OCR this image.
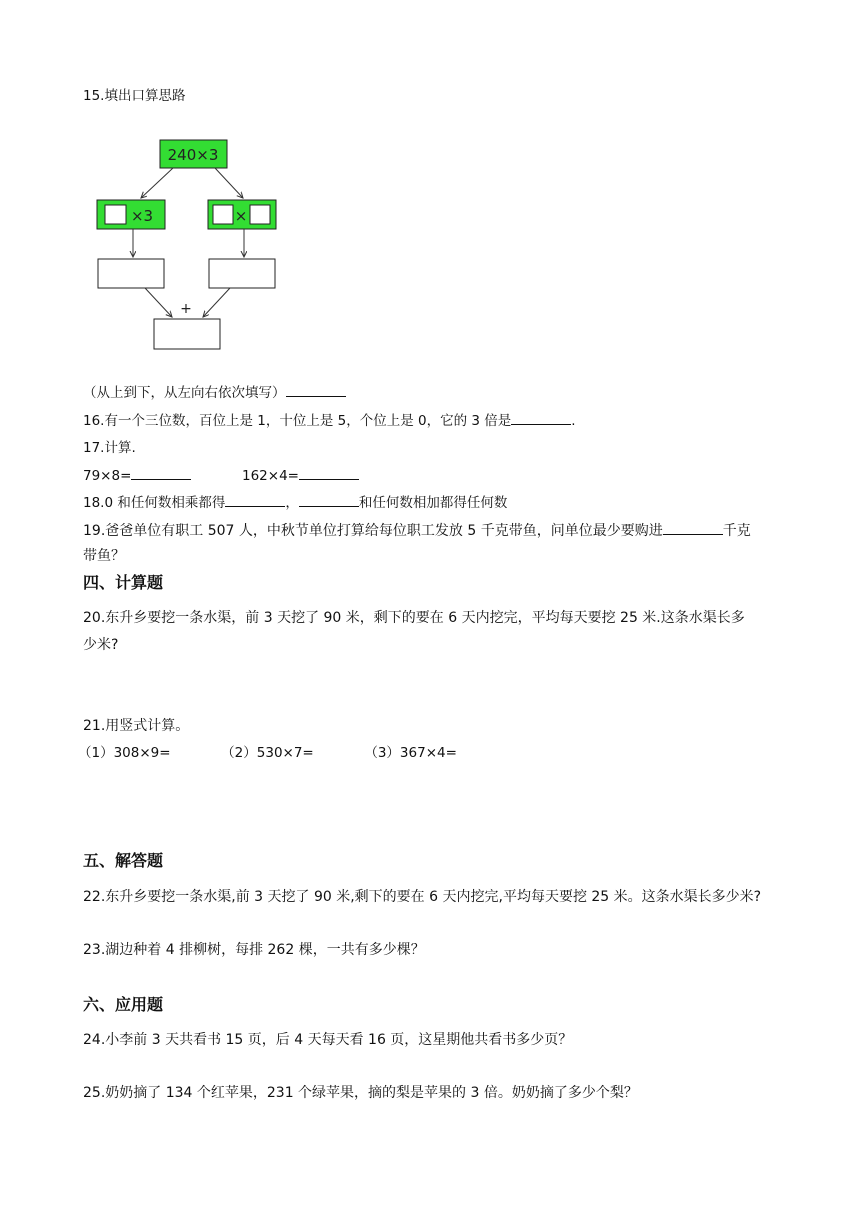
15.填出口算思路
240×3
×3	×
+
（从上到下，从左向右依次填写）
16.有一个三位数，百位上是 1，十位上是 5，个位上是 0，它的 3 倍是	.
17.计算.
79×8=	162×4=
18.0 和任何数相乘都得	，	和任何数相加都得任何数
19.爸爸单位有职工 507 人，中秋节单位打算给每位职工发放 5 千克带鱼，问单位最少要购进	千克
带鱼？
四、计算题
20.东升乡要挖一条水渠，前 3 天挖了 90 米，剩下的要在 6 天内挖完，平均每天要挖 25 米.这条水渠长多
少米?
21.用竖式计算。
（1）308×9=	（2）530×7=	（3）367×4=
五、解答题
22.东升乡要挖一条水渠,前 3 天挖了 90 米,剩下的要在 6 天内挖完,平均每天要挖 25 米。这条水渠长多少米?
23.湖边种着 4 排柳树，每排 262 棵，一共有多少棵？
六、应用题
24.小李前 3 天共看书 15 页，后 4 天每天看 16 页，这星期他共看书多少页？
25.奶奶摘了 134 个红苹果，231 个绿苹果，摘的梨是苹果的 3 倍。奶奶摘了多少个梨？
